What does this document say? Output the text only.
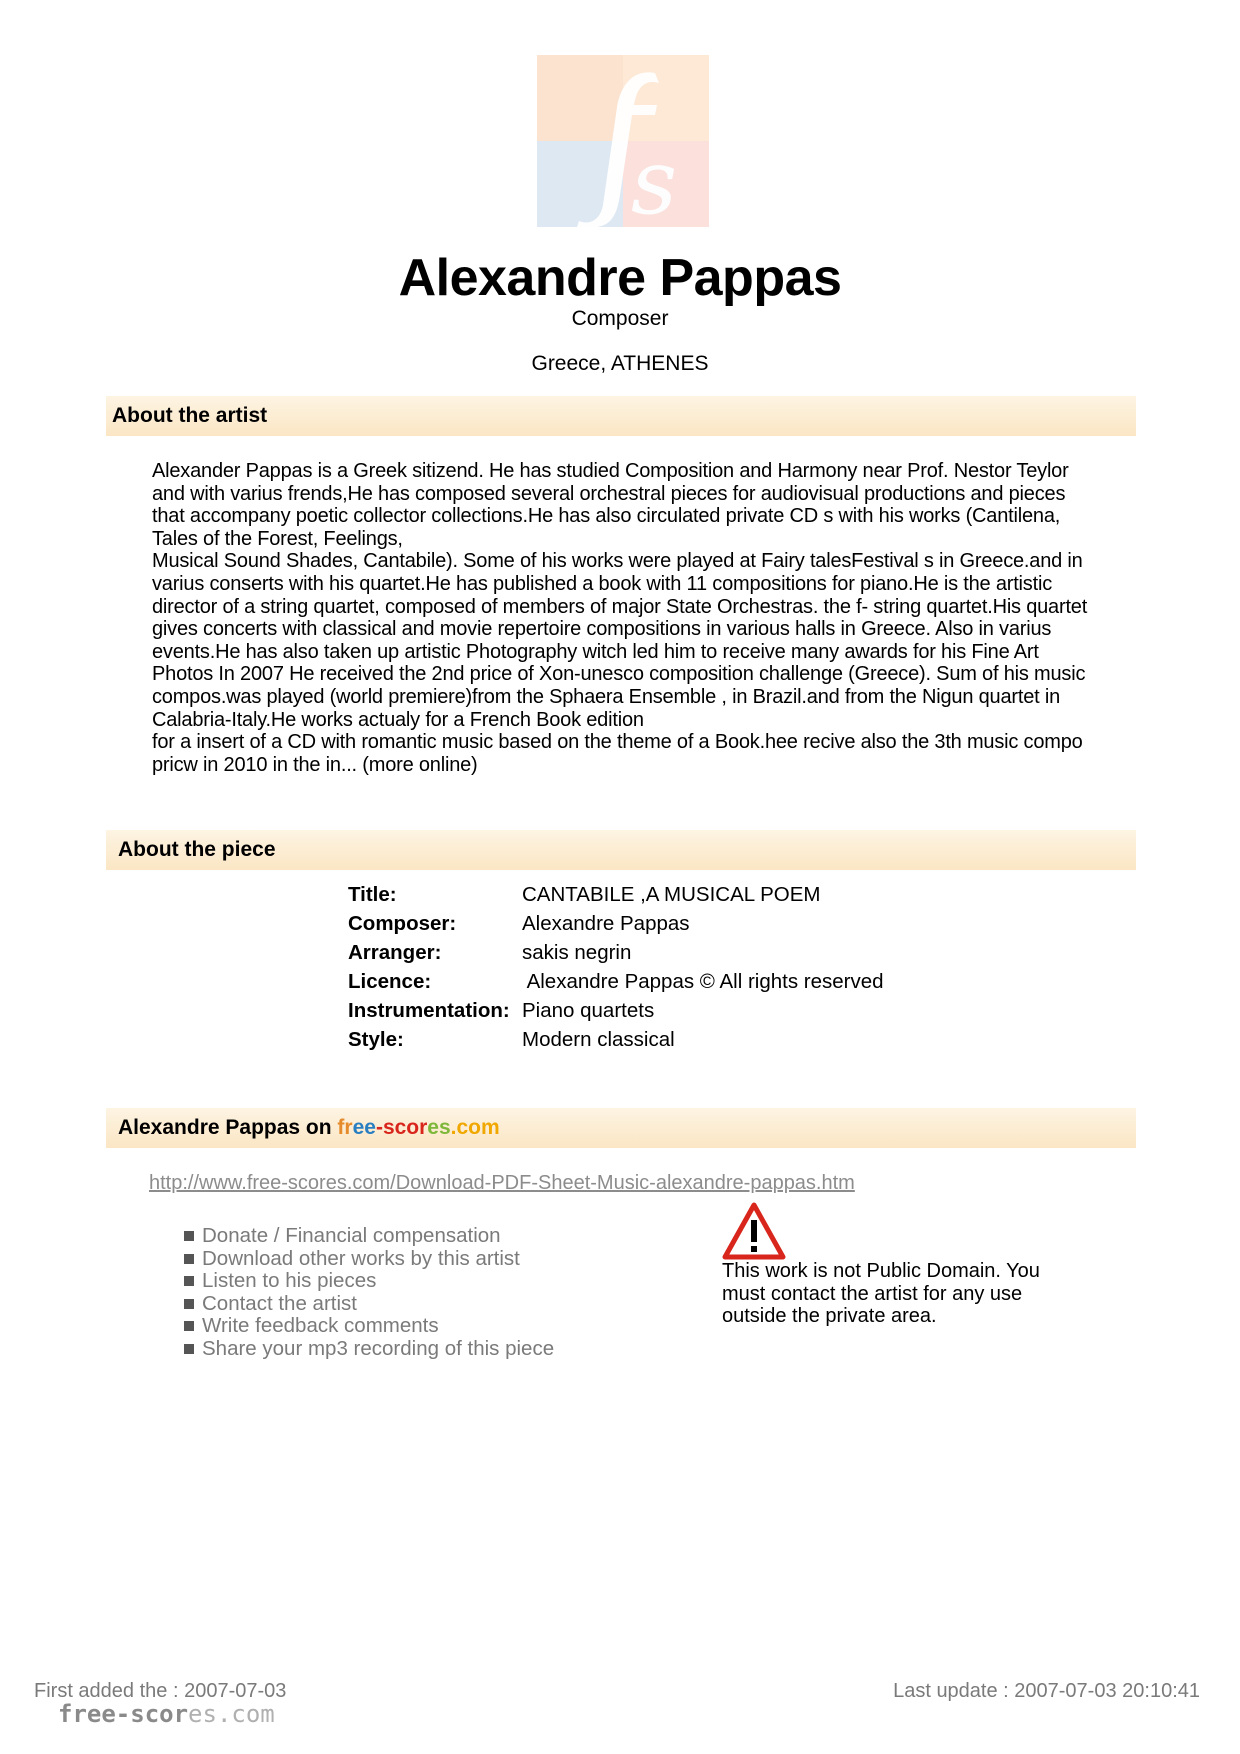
s
Alexandre Pappas
Composer
Greece, ATHENES
About the artist

Alexander Pappas is a Greek sitizend. He has studied Composition and Harmony near Prof. Nestor Teylor and with varius frends,He has composed several orchestral pieces for audiovisual productions and pieces that accompany poetic collector collections.He has also circulated private CD s with his works (Cantilena, Tales of the Forest, Feelings,

Musical Sound Shades, Cantabile). Some of his works were played at Fairy talesFestival s in Greece.and in varius conserts with his quartet.He has published a book with 11 compositions for piano.He is the artistic director of a string quartet, composed of members of major State Orchestras. the f- string quartet.His quartet gives concerts with classical and movie repertoire compositions in various halls in Greece. Also in varius events.He has also taken up artistic Photography witch led him to receive many awards for his Fine Art Photos In 2007 He received the 2nd price of Xon-unesco composition challenge (Greece). Sum of his music compos.was played (world premiere)from the Sphaera Ensemble , in Brazil.and from the Nigun quartet in Calabria-Italy.He works actualy for a French Book edition

for a insert of a CD with romantic music based on the theme of a Book.hee recive also the 3th music compo pricw in 2010 in the in... (more online)

About the piece
Title:	CANTABILE ,A MUSICAL POEM
Composer:	Alexandre Pappas
Arranger:	sakis negrin
Licence:	Alexandre Pappas © All rights reserved
Instrumentation:	Piano quartets
Style:	Modern classical
Alexandre Pappas on free-scores.com
http://www.free-scores.com/Download-PDF-Sheet-Music-alexandre-pappas.htm
Donate / Financial compensation
Download other works by this artist
Listen to his pieces
Contact the artist
Write feedback comments
Share your mp3 recording of this piece
This work is not Public Domain. You must contact the artist for any use outside the private area.
First added the : 2007-07-03	Last update : 2007-07-03 20:10:41
free-scores.com
